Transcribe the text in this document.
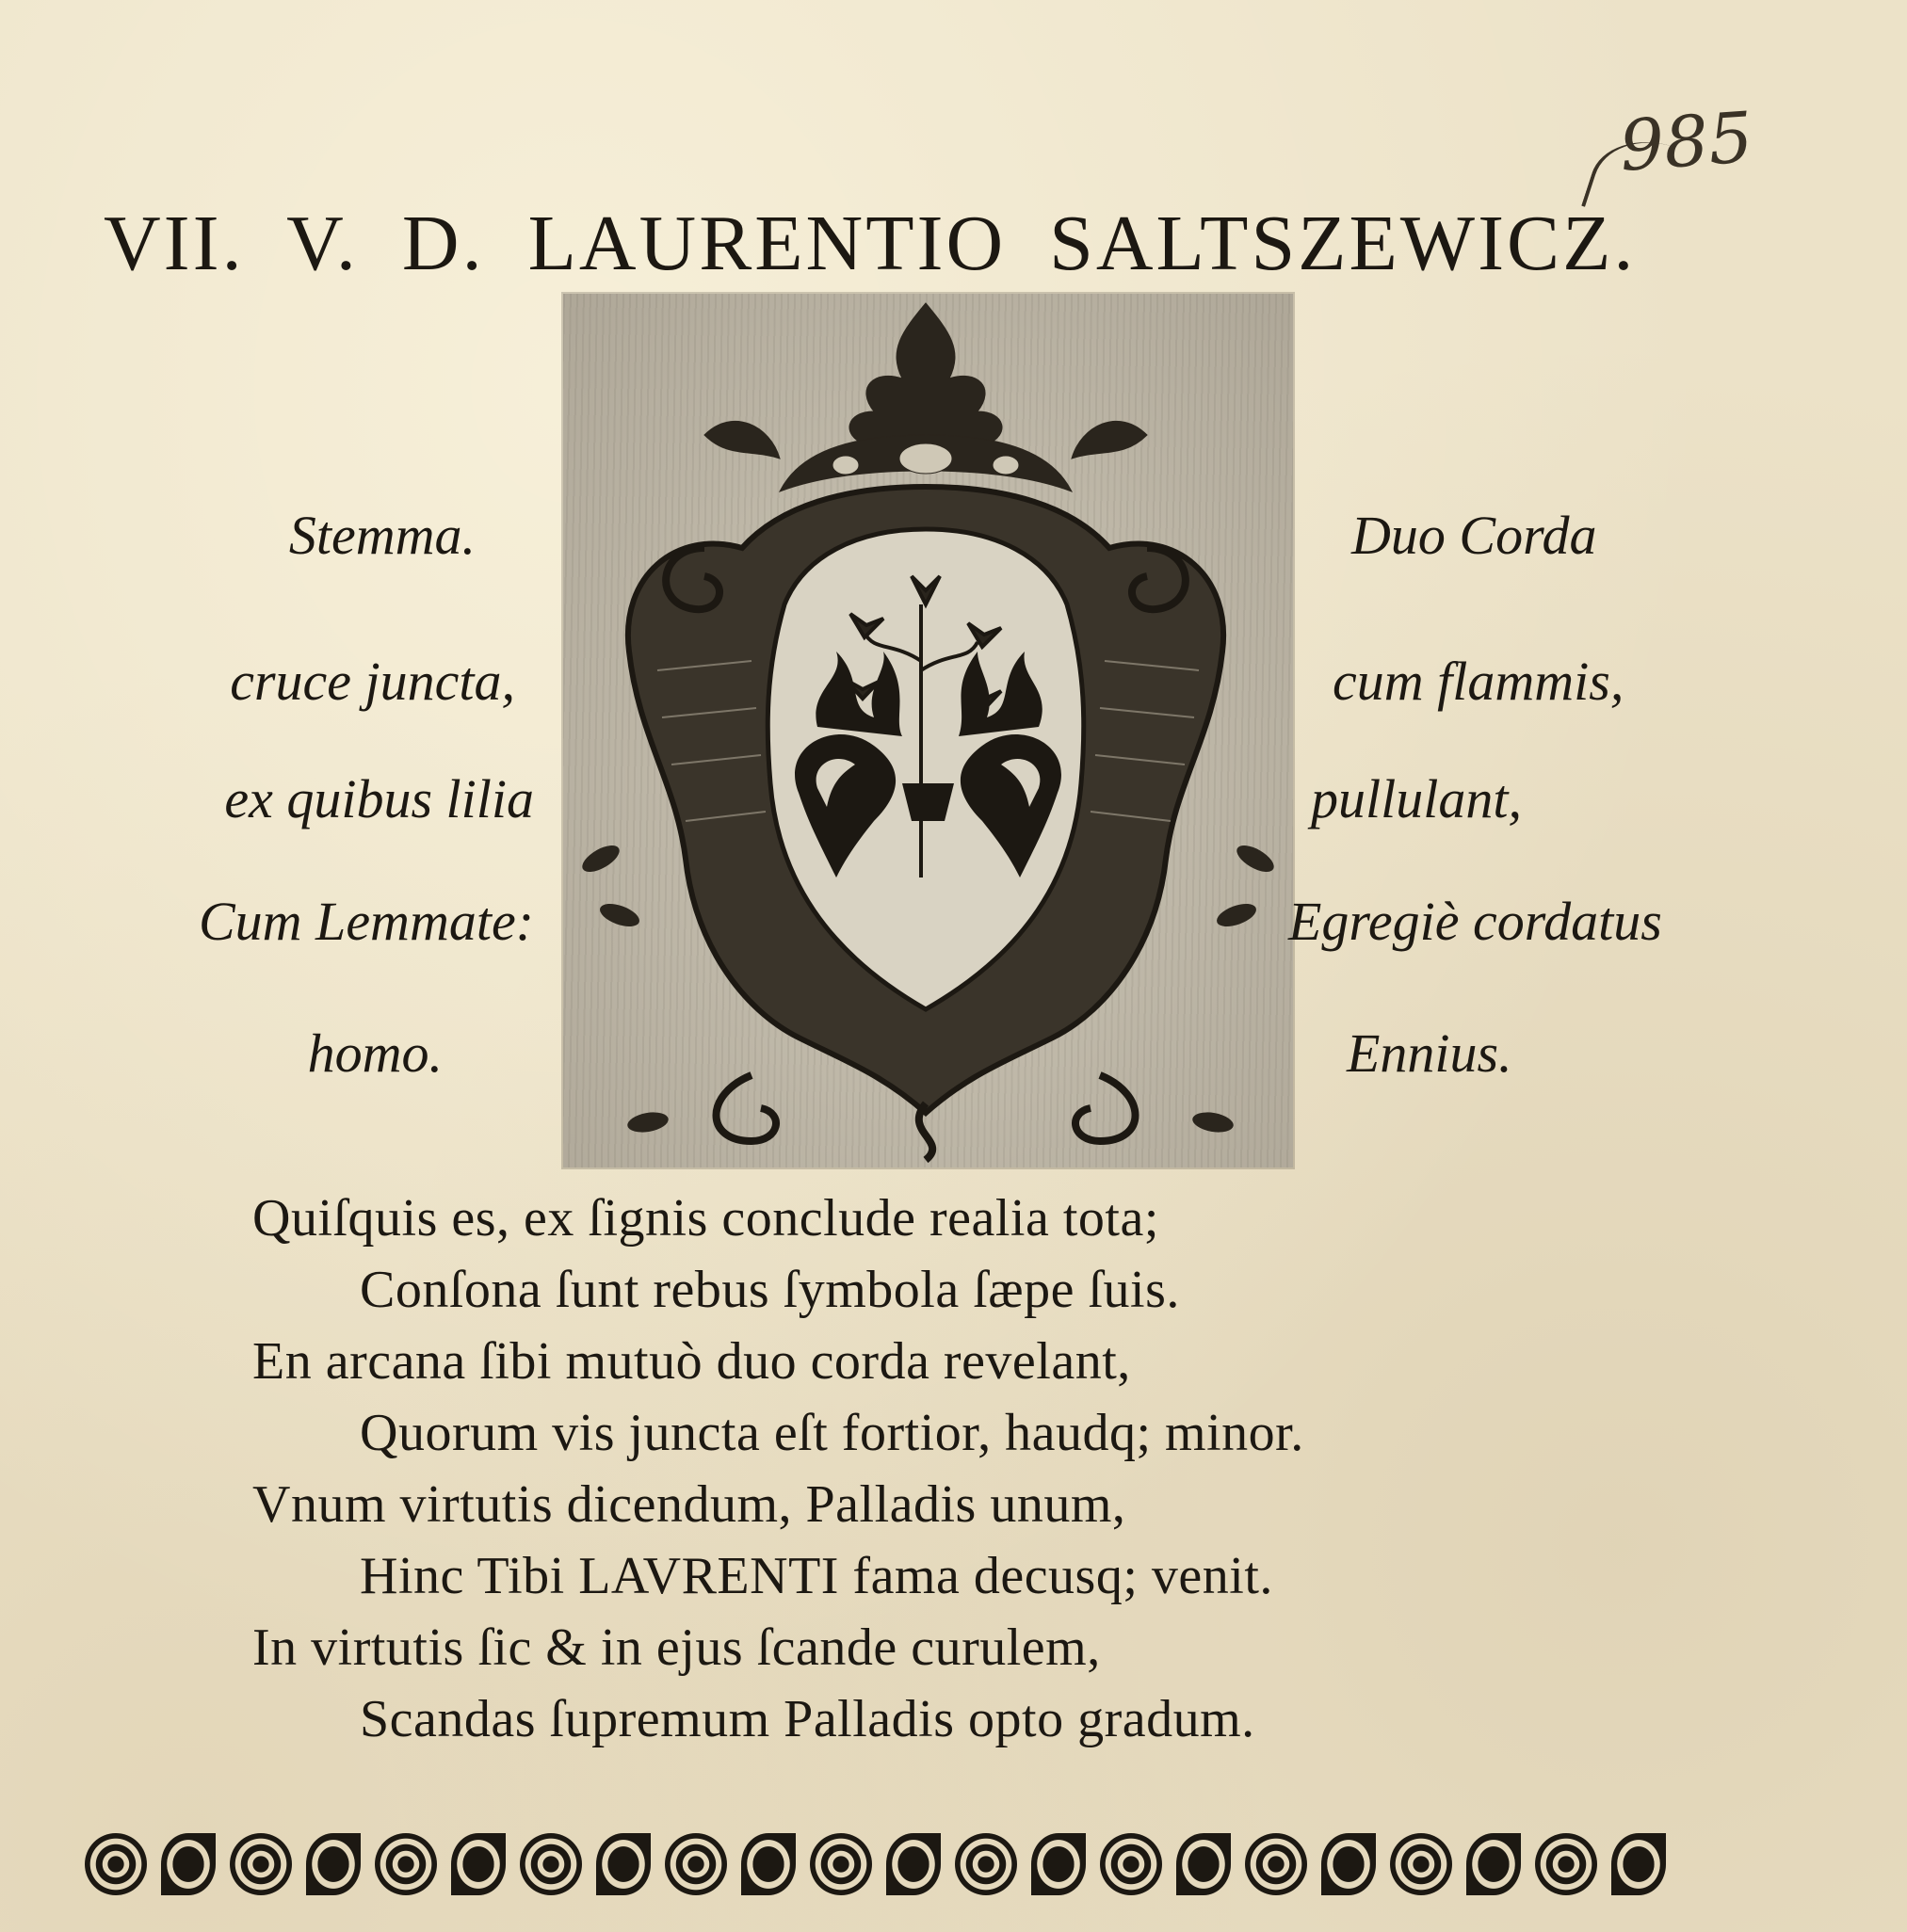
985
VII. V. D. LAURENTIO SALTSZEWICZ.
Stemma.
cruce juncta,
ex quibus lilia
Cum Lemmate:
homo.
Duo Corda
cum flammis,
pullulant,
Egregiè cordatus
Ennius.
Quiſquis es, ex ſignis conclude realia tota;
Conſona ſunt rebus ſymbola ſæpe ſuis.
En arcana ſibi mutuò duo corda revelant,
Quorum vis juncta eſt fortior, haudq; minor.
Vnum virtutis dicendum, Palladis unum,
Hinc Tibi LAVRENTI fama decusq; venit.
In virtutis ſic & in ejus ſcande curulem,
Scandas ſupremum Palladis opto gradum.
